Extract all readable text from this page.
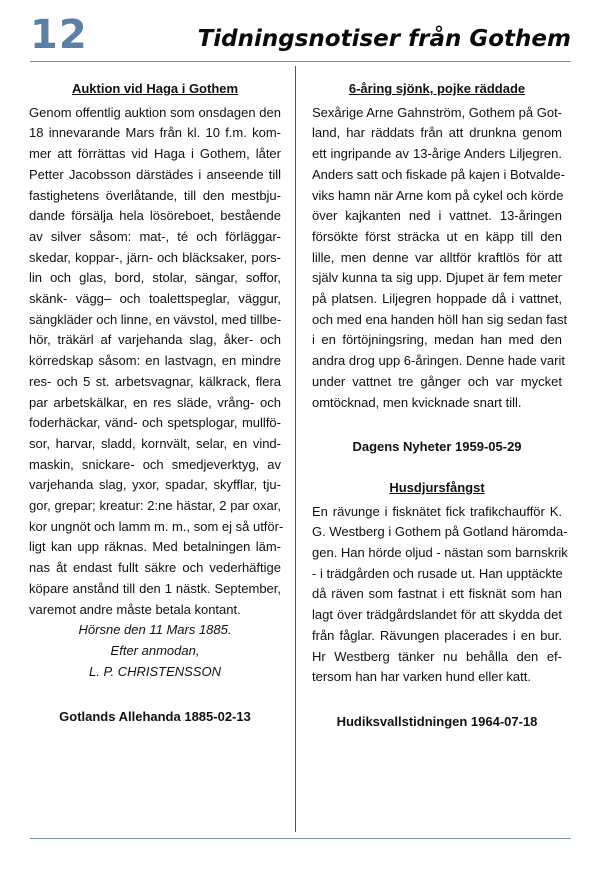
12	Tidningsnotiser från Gothem
Auktion vid Haga i Gothem
Genom offentlig auktion som onsdagen den
18 innevarande Mars från kl. 10 f.m. kom-
mer att förrättas vid Haga i Gothem, låter
Petter Jacobsson därstädes i anseende till
fastighetens överlåtande, till den mestbju-
dande försälja hela lösöreboet, bestående
av silver såsom: mat-, té och förläggar-
skedar, koppar-, järn- och bläcksaker, pors-
lin och glas, bord, stolar, sängar, soffor,
skänk- vägg– och toalettspeglar, väggur,
sängkläder och linne, en vävstol, med tillbe-
hör, träkärl af varjehanda slag, åker- och
körredskap såsom: en lastvagn, en mindre
res- och 5 st. arbetsvagnar, kälkrack, flera
par arbetskälkar, en res släde, vrång- och
foderhäckar, vänd- och spetsplogar, mullfö-
sor, harvar, sladd, kornvält, selar, en vind-
maskin, snickare- och smedjeverktyg, av
varjehanda slag, yxor, spadar, skyfflar, tju-
gor, grepar; kreatur: 2:ne hästar, 2 par oxar,
kor ungnöt och lamm m. m., som ej så utför-
ligt kan upp räknas. Med betalningen läm-
nas åt endast fullt säkre och vederhäftige
köpare anstånd till den 1 nästk. September,
varemot andre måste betala kontant.
Hörsne den 11 Mars 1885.
Efter anmodan,
L. P. CHRISTENSSON
Gotlands Allehanda 1885-02-13
6-åring sjönk, pojke räddade
Sexårige Arne Gahnström, Gothem på Got-
land, har räddats från att drunkna genom
ett ingripande av 13-årige Anders Liljegren.
Anders satt och fiskade på kajen i Botvalde-
viks hamn när Arne kom på cykel och körde
över kajkanten ned i vattnet. 13-åringen
försökte först sträcka ut en käpp till den
lille, men denne var alltför kraftlös för att
själv kunna ta sig upp. Djupet är fem meter
på platsen. Liljegren hoppade då i vattnet,
och med ena handen höll han sig sedan fast
i en förtöjningsring, medan han med den
andra drog upp 6-åringen. Denne hade varit
under vattnet tre gånger och var mycket
omtöcknad, men kvicknade snart till.
Dagens Nyheter 1959-05-29
Husdjursfångst
En rävunge i fisknätet fick trafikchaufför K.
G. Westberg i Gothem på Gotland häromda-
gen. Han hörde oljud - nästan som barnskrik
- i trädgården och rusade ut. Han upptäckte
då räven som fastnat i ett fisknät som han
lagt över trädgårdslandet för att skydda det
från fåglar. Rävungen placerades i en bur.
Hr Westberg tänker nu behålla den ef-
tersom han har varken hund eller katt.
Hudiksvallstidningen 1964-07-18
